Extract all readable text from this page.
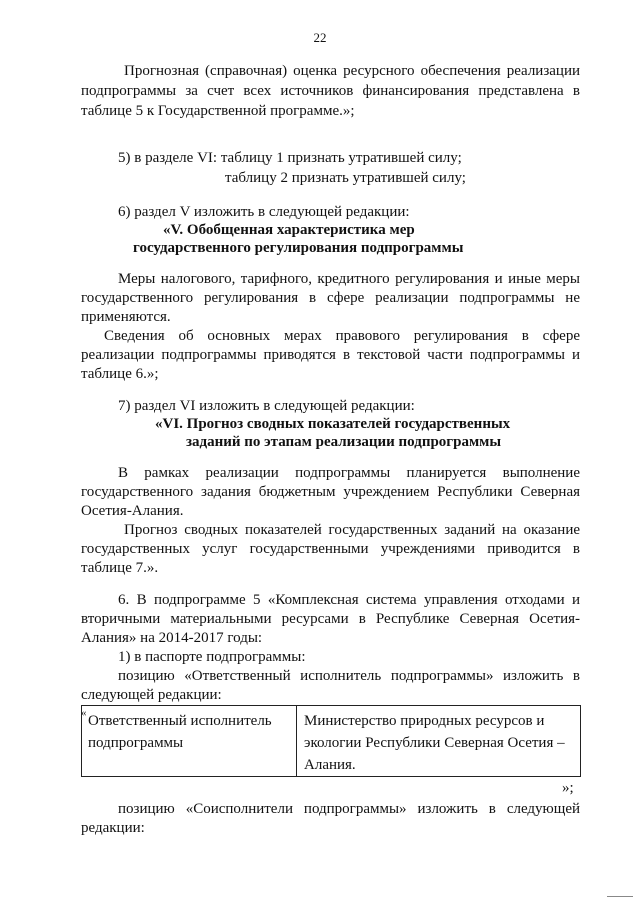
22
Прогнозная (справочная) оценка ресурсного обеспечения реализации
подпрограммы за счет всех источников финансирования представлена в
таблице 5 к Государственной программе.»;
5) в разделе VI: таблицу 1 признать утратившей силу;
таблицу 2 признать утратившей силу;
6) раздел V изложить в следующей редакции:
«V. Обобщенная характеристика мер
государственного регулирования подпрограммы
Меры налогового, тарифного, кредитного регулирования и иные меры
государственного регулирования в сфере реализации подпрограммы не
применяются.
Сведения об основных мерах правового регулирования в сфере
реализации подпрограммы приводятся в текстовой части подпрограммы и
таблице 6.»;
7) раздел VI изложить в следующей редакции:
«VI. Прогноз сводных показателей государственных
заданий по этапам реализации подпрограммы
В рамках реализации подпрограммы планируется выполнение
государственного задания бюджетным учреждением Республики Северная
Осетия-Алания.
Прогноз сводных показателей государственных заданий на оказание
государственных услуг государственными учреждениями приводится в
таблице 7.».
6. В подпрограмме 5 «Комплексная система управления отходами и
вторичными материальными ресурсами в Республике Северная Осетия-
Алания» на 2014-2017 годы:
1) в паспорте подпрограммы:
позицию «Ответственный исполнитель подпрограммы» изложить в
следующей редакции:
« Ответственный исполнитель
подпрограммы
Министерство природных ресурсов и
экологии Республики Северная Осетия –
Алания.
»;
позицию «Соисполнители подпрограммы» изложить в следующей
редакции:
